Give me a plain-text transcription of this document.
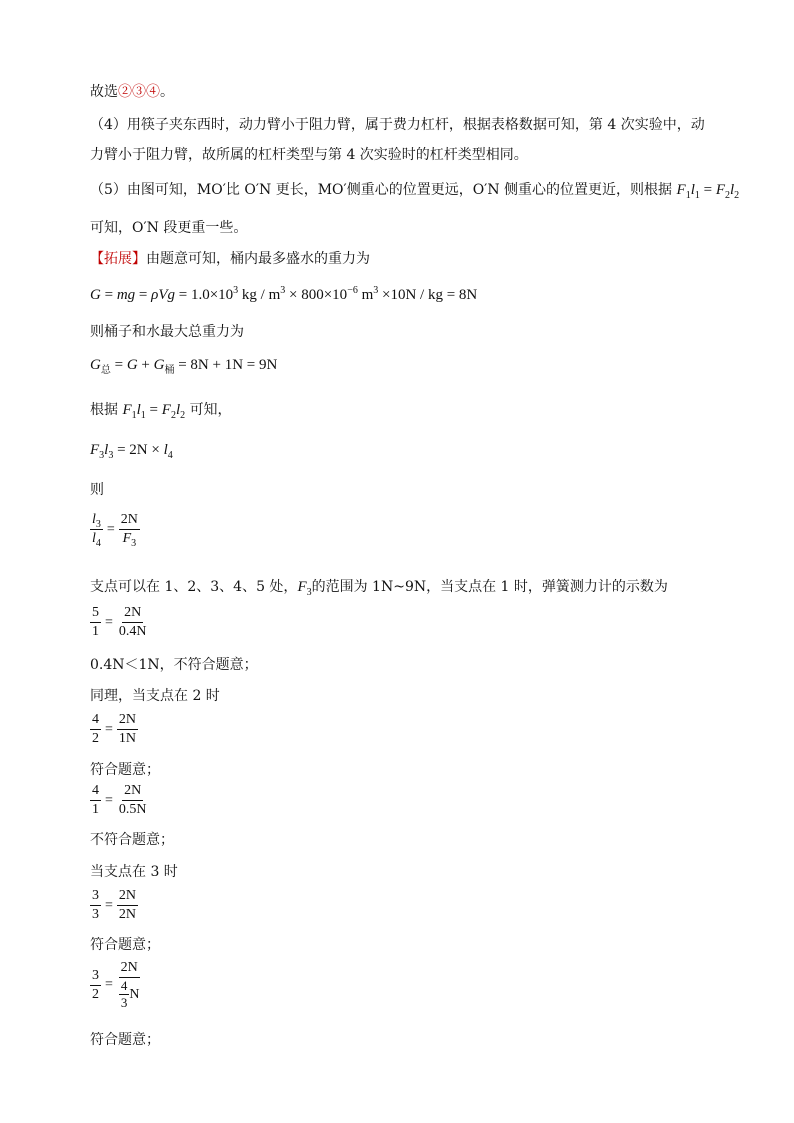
故选②③④。
（4）用筷子夹东西时，动力臂小于阻力臂，属于费力杠杆，根据表格数据可知，第 4 次实验中，动
力臂小于阻力臂，故所属的杠杆类型与第 4 次实验时的杠杆类型相同。
（5）由图可知，MO′比 O′N 更长，MO′侧重心的位置更远，O′N 侧重心的位置更近，则根据 $F_1l_1 = F_2l_2$
可知，O′N 段更重一些。
【拓展】由题意可知，桶内最多盛水的重力为
G = mg = $\rho Vg = 1.0\times 10^3$ kg / $m^3 \times 800\times 10^{-6}$ $m^3 \times 10N$ / kg = 8N
则桶子和水最大总重力为
$G_总 = G + G_桶 = 8N + 1N = 9N$
根据 $F_1l_1 = F_2l_2$ 可知，
$F_3l_3 = 2N \times l_4$
则
$\frac{l_3}{l_4} = \frac{2N}{F_3}$
支点可以在 1、2、3、4、5 处，$F_3$的范围为 1N~9N，当支点在 1 时，弹簧测力计的示数为
$\frac{5}{1} = \frac{2N}{0.4N}$
0.4N＜1N，不符合题意；
同理，当支点在 2 时
$\frac{4}{2} = \frac{2N}{1N}$
符合题意；
$\frac{4}{1} = \frac{2N}{0.5N}$
不符合题意；
当支点在 3 时
$\frac{3}{3} = \frac{2N}{2N}$
符合题意；
$\frac{3}{2} = 2N$
4
3
N
符合题意；
